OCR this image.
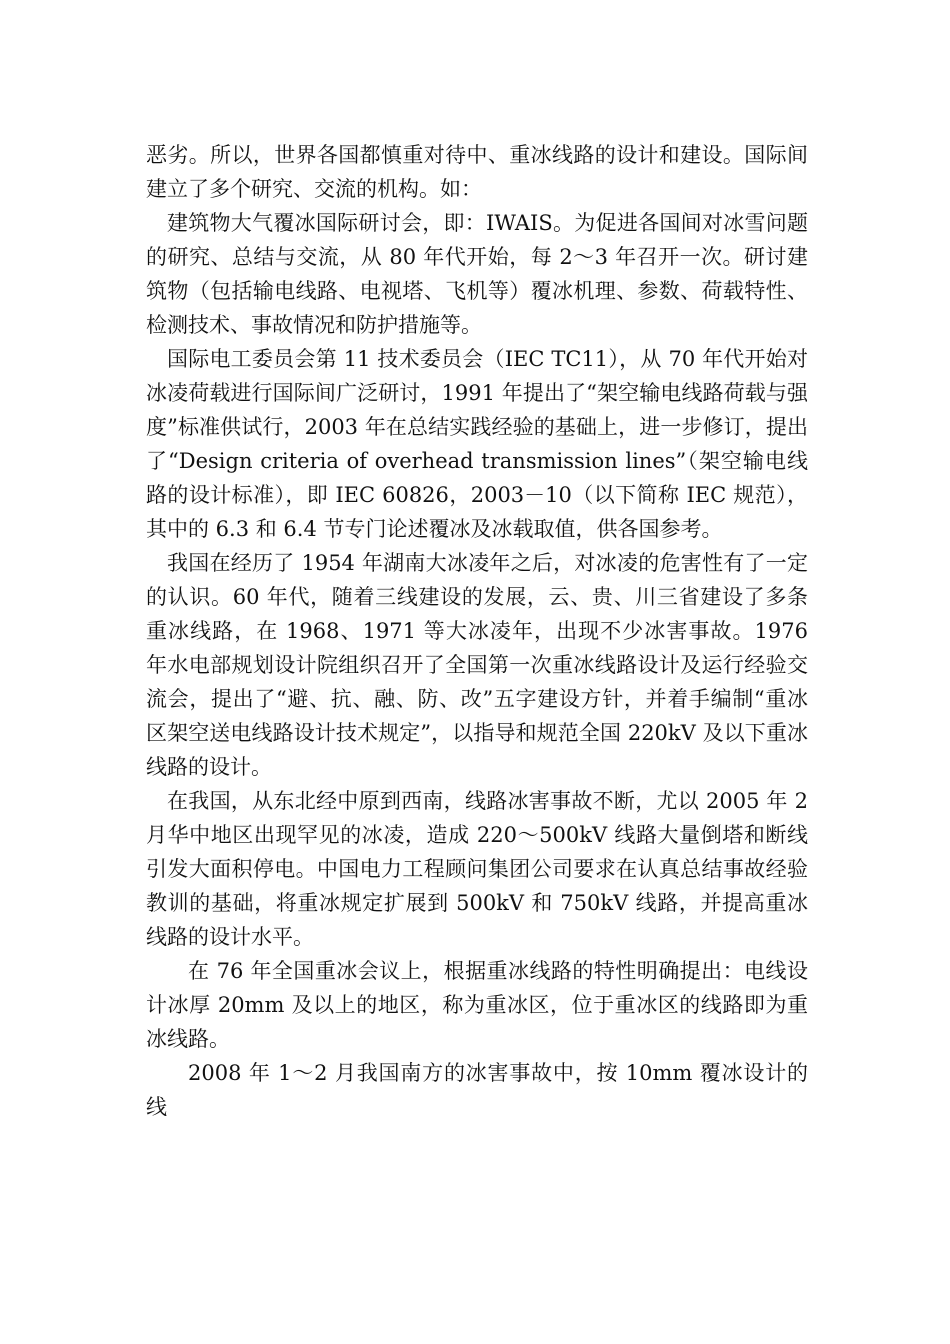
恶劣。所以，世界各国都慎重对待中、重冰线路的设计和建设。国际间建立了多个研究、交流的机构。如：

建筑物大气覆冰国际研讨会，即：IWAIS。为促进各国间对冰雪问题的研究、总结与交流，从 80 年代开始，每 2～3 年召开一次。研讨建筑物（包括输电线路、电视塔、飞机等）覆冰机理、参数、荷载特性、检测技术、事故情况和防护措施等。

国际电工委员会第 11 技术委员会（IEC TC11），从 70 年代开始对冰凌荷载进行国际间广泛研讨，1991 年提出了“架空输电线路荷载与强度”标准供试行，2003 年在总结实践经验的基础上，进一步修订，提出了“Design criteria of overhead transmission lines”（架空输电线路的设计标准），即 IEC 60826，2003－10（以下简称 IEC 规范），其中的 6.3 和 6.4 节专门论述覆冰及冰载取值，供各国参考。

我国在经历了 1954 年湖南大冰凌年之后，对冰凌的危害性有了一定的认识。60 年代，随着三线建设的发展，云、贵、川三省建设了多条重冰线路，在 1968、1971 等大冰凌年，出现不少冰害事故。1976 年水电部规划设计院组织召开了全国第一次重冰线路设计及运行经验交流会，提出了“避、抗、融、防、改”五字建设方针，并着手编制“重冰区架空送电线路设计技术规定”，以指导和规范全国 220kV 及以下重冰线路的设计。

在我国，从东北经中原到西南，线路冰害事故不断，尤以 2005 年 2 月华中地区出现罕见的冰凌，造成 220～500kV 线路大量倒塔和断线引发大面积停电。中国电力工程顾问集团公司要求在认真总结事故经验教训的基础，将重冰规定扩展到 500kV 和 750kV 线路，并提高重冰线路的设计水平。

在 76 年全国重冰会议上，根据重冰线路的特性明确提出：电线设计冰厚 20mm 及以上的地区，称为重冰区，位于重冰区的线路即为重冰线路。

2008 年 1～2 月我国南方的冰害事故中，按 10mm 覆冰设计的线
